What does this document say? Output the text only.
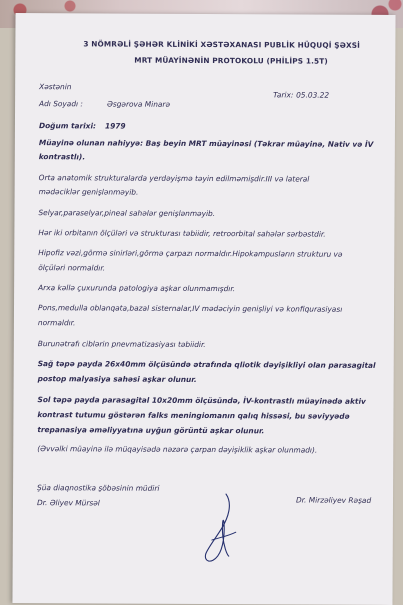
3 NÖMRƏLİ ŞƏHƏR KLİNİKİ XƏSTƏXANASI PUBLİK HÜQUQİ ŞƏXSİ
MRT MÜAYİNƏNİN PROTOKOLU (PHİLİPS 1.5T)
Xəstənin
Adı Soyadı :	Əsgərova Minarə
Tarix: 05.03.22
Doğum tarixi: 1979
Müayinə olunan nahiyyə: Baş beyin MRT müayinəsi (Təkrar müayinə, Nativ və İV
kontrastlı).
Orta anatomik strukturalarda yerdəyişmə təyin edilməmişdir.III və lateral
mədəciklər genişlənməyib.
Selyar,paraselyar,pineal sahələr genişlənməyib.
Hər iki orbitanın ölçüləri və strukturası təbiidir, retroorbital sahələr sərbəstdir.
Hipofiz vəzi,görmə sinirləri,görmə çarpazı normaldır.Hipokampusların strukturu və
ölçüləri normaldır.
Arxa kəllə çuxurunda patologiya aşkar olunmamışdır.
Pons,medulla oblanqata,bazal sisternalar,IV mədəciyin genişliyi və konfiqurasiyası
normaldır.
Burunətrafı ciblərin pnevmatizasiyası təbiidir.
Sağ təpə payda 26x40mm ölçüsündə ətrafında qliotik dəyişikliyi olan parasagital
postop malyasiya sahəsi aşkar olunur.
Sol təpə payda parasagital 10x20mm ölçüsündə, İV-kontrastlı müayinədə aktiv
kontrast tutumu göstərən falks meningiomanın qalıq hissəsi, bu səviyyədə
trepanasiya əməliyyatına uyğun görüntü aşkar olunur.
(Əvvəlki müayinə ilə müqayisədə nəzərə çarpan dəyişiklik aşkar olunmadı).
Şüa diaqnostika şöbəsinin müdiri
Dr. Əliyev Mürsəl	Dr. Mirzəliyev Rəşad
